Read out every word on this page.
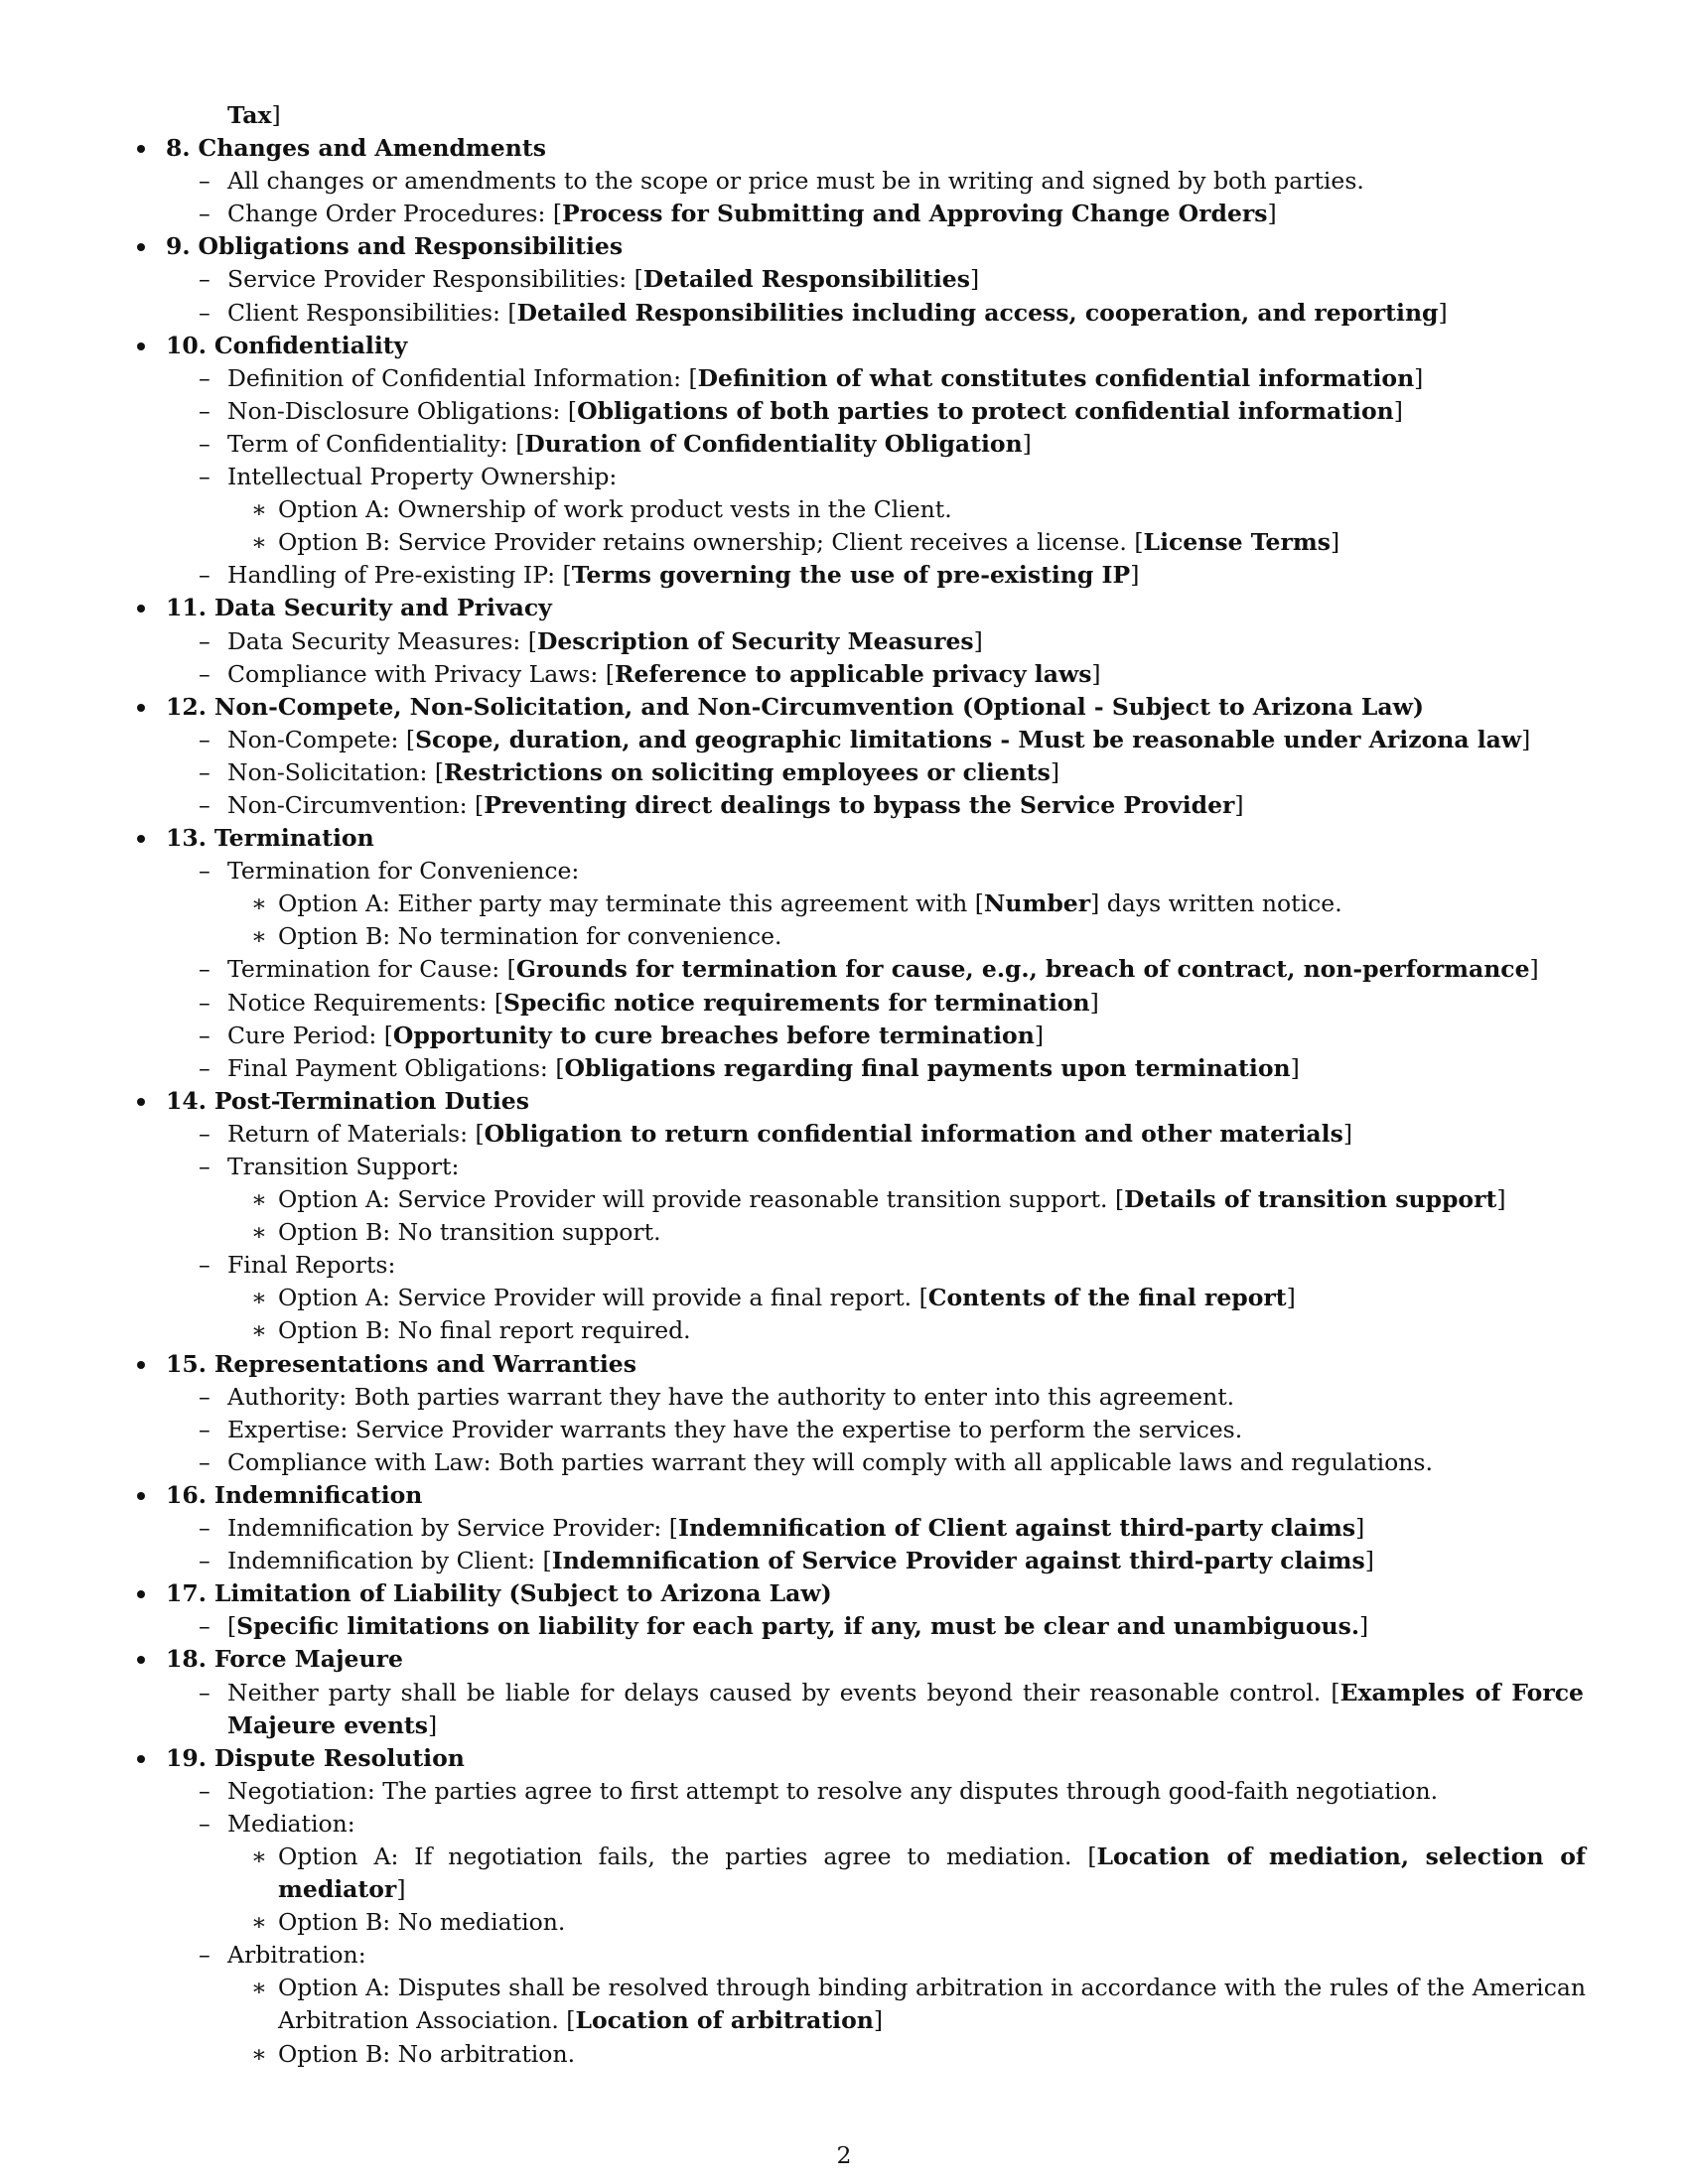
Tax]
8. Changes and Amendments
– All changes or amendments to the scope or price must be in writing and signed by both parties.
– Change Order Procedures: [Process for Submitting and Approving Change Orders]
9. Obligations and Responsibilities
– Service Provider Responsibilities: [Detailed Responsibilities]
– Client Responsibilities: [Detailed Responsibilities including access, cooperation, and reporting]
10. Confidentiality
– Definition of Confidential Information: [Definition of what constitutes confidential information]
– Non-Disclosure Obligations: [Obligations of both parties to protect confidential information]
– Term of Confidentiality: [Duration of Confidentiality Obligation]
– Intellectual Property Ownership:
∗ Option A: Ownership of work product vests in the Client.
∗ Option B: Service Provider retains ownership; Client receives a license. [License Terms]
– Handling of Pre-existing IP: [Terms governing the use of pre-existing IP]
11. Data Security and Privacy
– Data Security Measures: [Description of Security Measures]
– Compliance with Privacy Laws: [Reference to applicable privacy laws]
12. Non-Compete, Non-Solicitation, and Non-Circumvention (Optional - Subject to Arizona Law)
– Non-Compete: [Scope, duration, and geographic limitations - Must be reasonable under Arizona law]
– Non-Solicitation: [Restrictions on soliciting employees or clients]
– Non-Circumvention: [Preventing direct dealings to bypass the Service Provider]
13. Termination
– Termination for Convenience:
∗ Option A: Either party may terminate this agreement with [Number] days written notice.
∗ Option B: No termination for convenience.
– Termination for Cause: [Grounds for termination for cause, e.g., breach of contract, non-performance]
– Notice Requirements: [Specific notice requirements for termination]
– Cure Period: [Opportunity to cure breaches before termination]
– Final Payment Obligations: [Obligations regarding final payments upon termination]
14. Post-Termination Duties
– Return of Materials: [Obligation to return confidential information and other materials]
– Transition Support:
∗ Option A: Service Provider will provide reasonable transition support. [Details of transition support]
∗ Option B: No transition support.
– Final Reports:
∗ Option A: Service Provider will provide a final report. [Contents of the final report]
∗ Option B: No final report required.
15. Representations and Warranties
– Authority: Both parties warrant they have the authority to enter into this agreement.
– Expertise: Service Provider warrants they have the expertise to perform the services.
– Compliance with Law: Both parties warrant they will comply with all applicable laws and regulations.
16. Indemnification
– Indemnification by Service Provider: [Indemnification of Client against third-party claims]
– Indemnification by Client: [Indemnification of Service Provider against third-party claims]
17. Limitation of Liability (Subject to Arizona Law)
– [Specific limitations on liability for each party, if any, must be clear and unambiguous.]
18. Force Majeure
– Neither party shall be liable for delays caused by events beyond their reasonable control. [Examples of Force
Majeure events]
19. Dispute Resolution
– Negotiation: The parties agree to first attempt to resolve any disputes through good-faith negotiation.
– Mediation:
∗ Option A: If negotiation fails, the parties agree to mediation. [Location of mediation, selection of
mediator]
∗ Option B: No mediation.
– Arbitration:
∗ Option A: Disputes shall be resolved through binding arbitration in accordance with the rules of the American
Arbitration Association. [Location of arbitration]
∗ Option B: No arbitration.
2
